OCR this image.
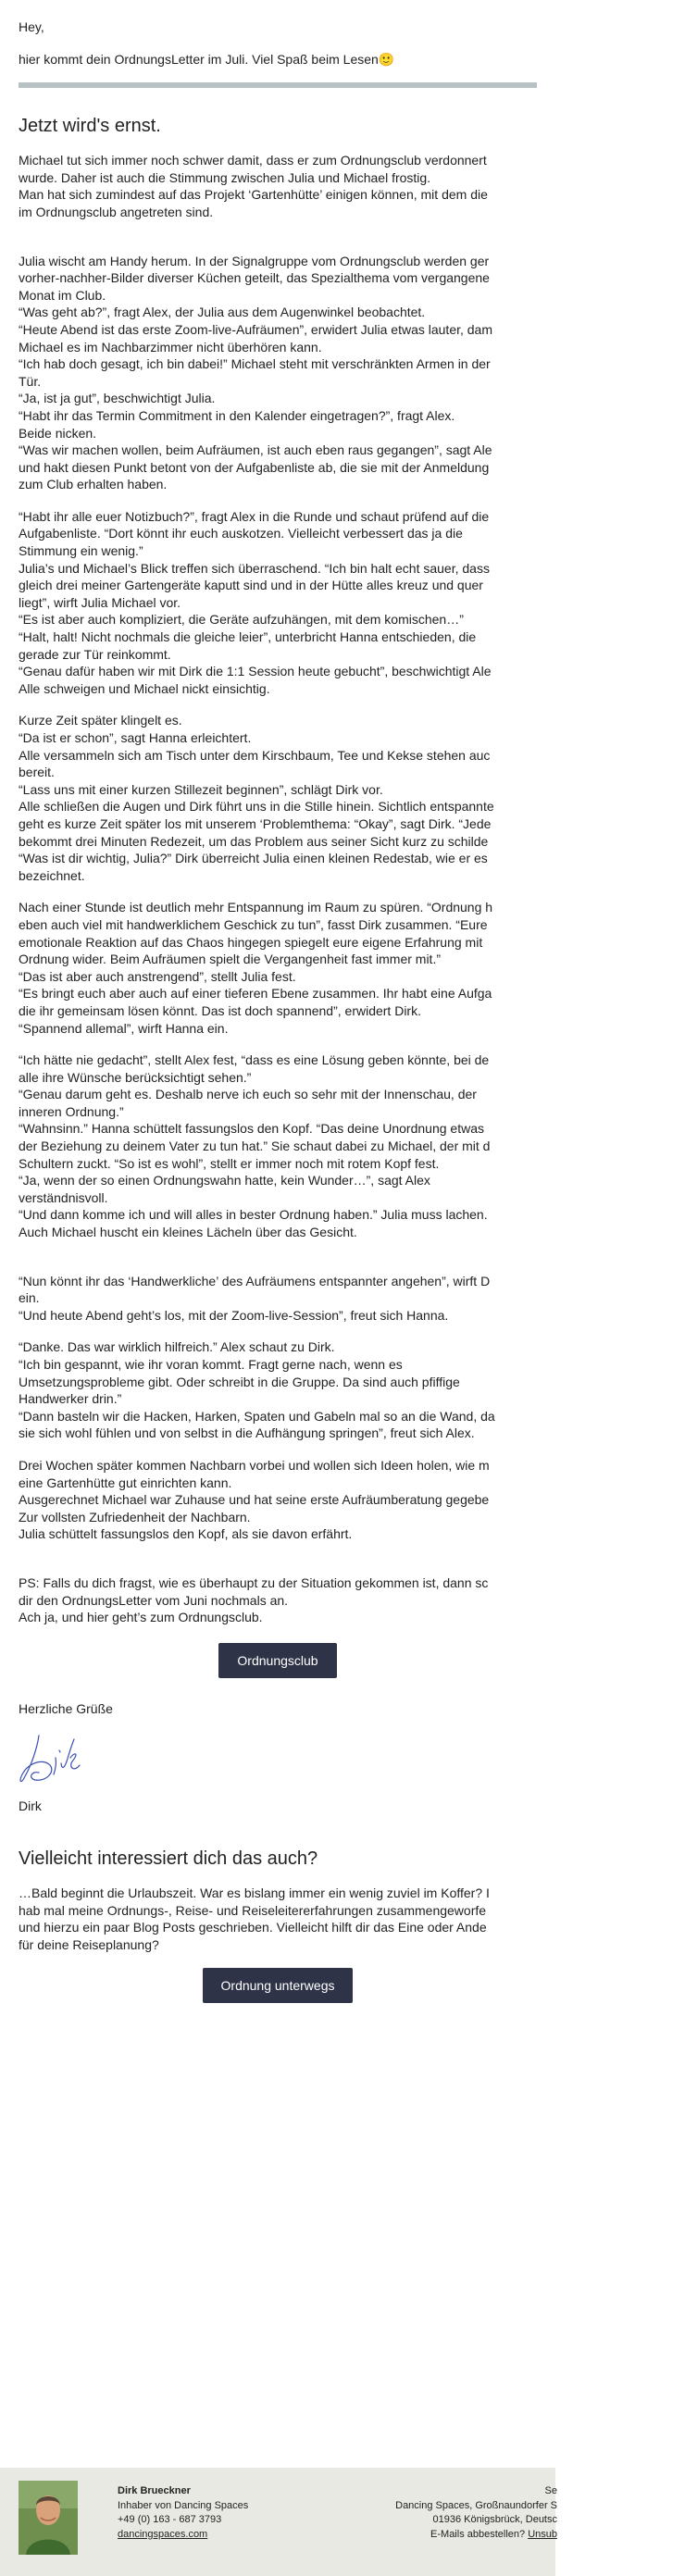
Hey,

hier kommt dein OrdnungsLetter im Juli. Viel Spaß beim Lesen🙂

Jetzt wird's ernst.

Michael tut sich immer noch schwer damit, dass er zum Ordnungsclub verdonnert

wurde. Daher ist auch die Stimmung zwischen Julia und Michael frostig.

Man hat sich zumindest auf das Projekt ‘Gartenhütte’ einigen können, mit dem die

im Ordnungsclub angetreten sind.

Julia wischt am Handy herum. In der Signalgruppe vom Ordnungsclub werden ger

vorher-nachher-Bilder diverser Küchen geteilt, das Spezialthema vom vergangene

Monat im Club.

“Was geht ab?”, fragt Alex, der Julia aus dem Augenwinkel beobachtet.

“Heute Abend ist das erste Zoom-live-Aufräumen”, erwidert Julia etwas lauter, dam

Michael es im Nachbarzimmer nicht überhören kann.

“Ich hab doch gesagt, ich bin dabei!” Michael steht mit verschränkten Armen in der

Tür.

“Ja, ist ja gut”, beschwichtigt Julia.

“Habt ihr das Termin Commitment in den Kalender eingetragen?”, fragt Alex.

Beide nicken.

“Was wir machen wollen, beim Aufräumen, ist auch eben raus gegangen”, sagt Ale

und hakt diesen Punkt betont von der Aufgabenliste ab, die sie mit der Anmeldung

zum Club erhalten haben.

“Habt ihr alle euer Notizbuch?”, fragt Alex in die Runde und schaut prüfend auf die

Aufgabenliste. “Dort könnt ihr euch auskotzen. Vielleicht verbessert das ja die

Stimmung ein wenig.”

Julia’s und Michael’s Blick treffen sich überraschend. “Ich bin halt echt sauer, dass

gleich drei meiner Gartengeräte kaputt sind und in der Hütte alles kreuz und quer

liegt”, wirft Julia Michael vor.

“Es ist aber auch kompliziert, die Geräte aufzuhängen, mit dem komischen…”

“Halt, halt! Nicht nochmals die gleiche leier”, unterbricht Hanna entschieden, die

gerade zur Tür reinkommt.

“Genau dafür haben wir mit Dirk die 1:1 Session heute gebucht”, beschwichtigt Ale

Alle schweigen und Michael nickt einsichtig.

Kurze Zeit später klingelt es.

“Da ist er schon”, sagt Hanna erleichtert.

Alle versammeln sich am Tisch unter dem Kirschbaum, Tee und Kekse stehen auc

bereit.

“Lass uns mit einer kurzen Stillezeit beginnen”, schlägt Dirk vor.

Alle schließen die Augen und Dirk führt uns in die Stille hinein. Sichtlich entspannte

geht es kurze Zeit später los mit unserem ‘Problemthema: “Okay”, sagt Dirk. “Jede

bekommt drei Minuten Redezeit, um das Problem aus seiner Sicht kurz zu schilde

“Was ist dir wichtig, Julia?” Dirk überreicht Julia einen kleinen Redestab, wie er es

bezeichnet.

Nach einer Stunde ist deutlich mehr Entspannung im Raum zu spüren. “Ordnung h

eben auch viel mit handwerklichem Geschick zu tun”, fasst Dirk zusammen. “Eure

emotionale Reaktion auf das Chaos hingegen spiegelt eure eigene Erfahrung mit

Ordnung wider. Beim Aufräumen spielt die Vergangenheit fast immer mit.”

“Das ist aber auch anstrengend”, stellt Julia fest.

“Es bringt euch aber auch auf einer tieferen Ebene zusammen. Ihr habt eine Aufga

die ihr gemeinsam lösen könnt. Das ist doch spannend”, erwidert Dirk.

“Spannend allemal”, wirft Hanna ein.

“Ich hätte nie gedacht”, stellt Alex fest, “dass es eine Lösung geben könnte, bei de

alle ihre Wünsche berücksichtigt sehen.”

“Genau darum geht es. Deshalb nerve ich euch so sehr mit der Innenschau, der

inneren Ordnung.”

“Wahnsinn.” Hanna schüttelt fassungslos den Kopf. “Das deine Unordnung etwas

der Beziehung zu deinem Vater zu tun hat.” Sie schaut dabei zu Michael, der mit d

Schultern zuckt. “So ist es wohl”, stellt er immer noch mit rotem Kopf fest.

“Ja, wenn der so einen Ordnungswahn hatte, kein Wunder…”, sagt Alex

verständnisvoll.

“Und dann komme ich und will alles in bester Ordnung haben.” Julia muss lachen.

Auch Michael huscht ein kleines Lächeln über das Gesicht.

“Nun könnt ihr das ‘Handwerkliche’ des Aufräumens entspannter angehen”, wirft D

ein.

“Und heute Abend geht’s los, mit der Zoom-live-Session”, freut sich Hanna.

“Danke. Das war wirklich hilfreich.” Alex schaut zu Dirk.

“Ich bin gespannt, wie ihr voran kommt. Fragt gerne nach, wenn es

Umsetzungsprobleme gibt. Oder schreibt in die Gruppe. Da sind auch pfiffige

Handwerker drin.”

“Dann basteln wir die Hacken, Harken, Spaten und Gabeln mal so an die Wand, da

sie sich wohl fühlen und von selbst in die Aufhängung springen”, freut sich Alex.

Drei Wochen später kommen Nachbarn vorbei und wollen sich Ideen holen, wie m

eine Gartenhütte gut einrichten kann.

Ausgerechnet Michael war Zuhause und hat seine erste Aufräumberatung gegebe

Zur vollsten Zufriedenheit der Nachbarn.

Julia schüttelt fassungslos den Kopf, als sie davon erfährt.

PS: Falls du dich fragst, wie es überhaupt zu der Situation gekommen ist, dann sc

dir den OrdnungsLetter vom Juni nochmals an.

Ach ja, und hier geht’s zum Ordnungsclub.

Ordnungsclub

Herzliche Grüße

Dirk

Vielleicht interessiert dich das auch?

…Bald beginnt die Urlaubszeit. War es bislang immer ein wenig zuviel im Koffer? I

hab mal meine Ordnungs-, Reise- und Reiseleitererfahrungen zusammengeworfe

und hierzu ein paar Blog Posts geschrieben. Vielleicht hilft dir das Eine oder Ande

für deine Reiseplanung?

Ordnung unterwegs
Dirk Brueckner
Inhaber von Dancing Spaces
+49 (0) 163 - 687 3793
dancingspaces.com
Se
Dancing Spaces, Großnaundorfer S
01936 Königsbrück, Deutsc
E-Mails abbestellen? Unsub
